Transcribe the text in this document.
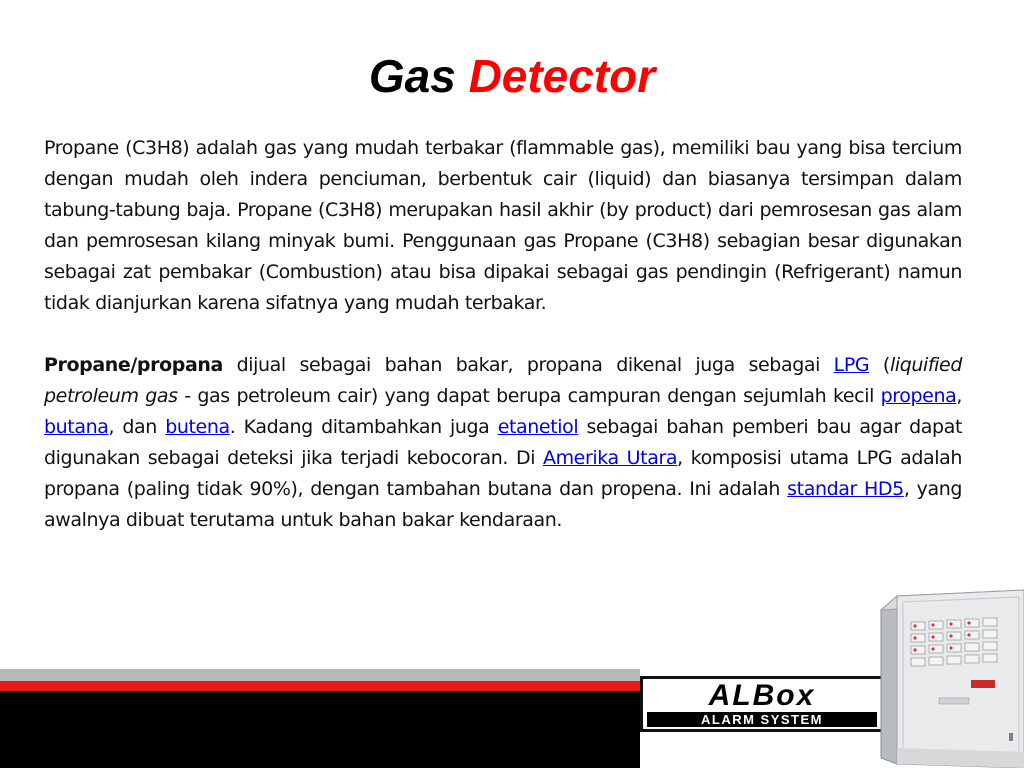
Gas Detector

Propane (C3H8) adalah gas yang mudah terbakar (flammable gas), memiliki bau yang bisa tercium dengan mudah oleh indera penciuman, berbentuk cair (liquid) dan biasanya tersimpan dalam tabung-tabung baja. Propane (C3H8) merupakan hasil akhir (by product) dari pemrosesan gas alam dan pemrosesan kilang minyak bumi. Penggunaan gas Propane (C3H8) sebagian besar digunakan sebagai zat pembakar (Combustion) atau bisa dipakai sebagai gas pendingin (Refrigerant) namun tidak dianjurkan karena sifatnya yang mudah terbakar.

Propane/propana dijual sebagai bahan bakar, propana dikenal juga sebagai LPG (liquified petroleum gas - gas petroleum cair) yang dapat berupa campuran dengan sejumlah kecil propena, butana, dan butena. Kadang ditambahkan juga etanetiol sebagai bahan pemberi bau agar dapat digunakan sebagai deteksi jika terjadi kebocoran. Di Amerika Utara, komposisi utama LPG adalah propana (paling tidak 90%), dengan tambahan butana dan propena. Ini adalah standar HD5, yang awalnya dibuat terutama untuk bahan bakar kendaraan.

ALBox
ALARM SYSTEM
